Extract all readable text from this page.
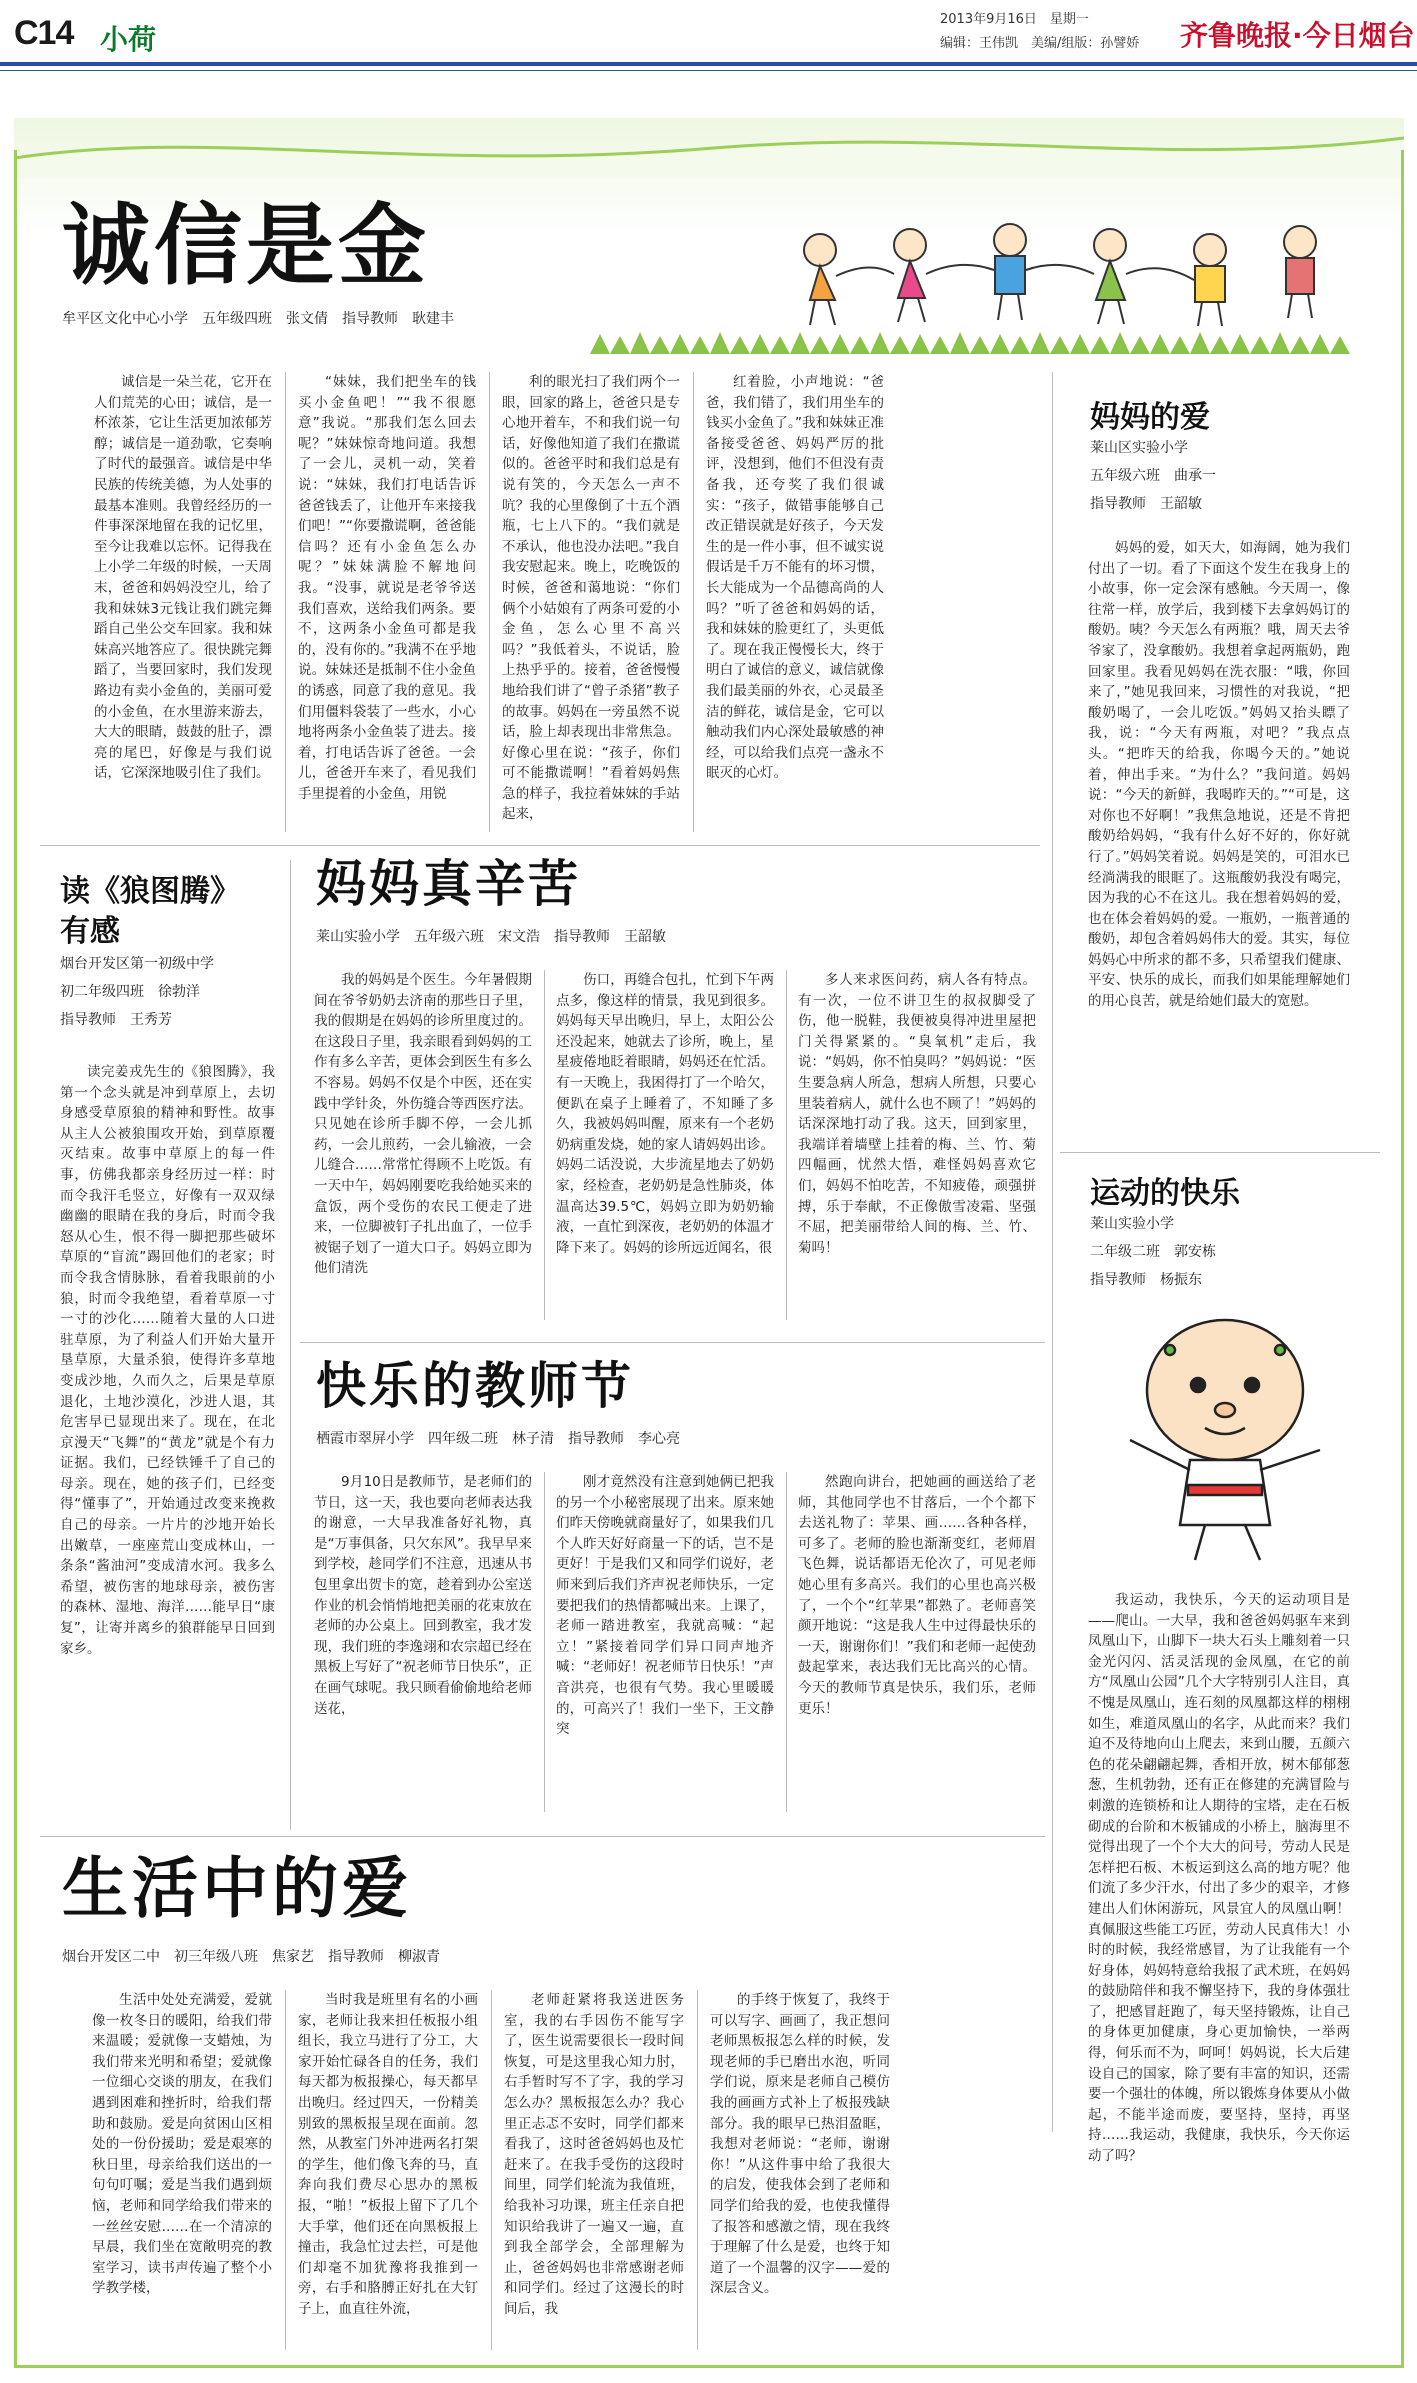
C14 小荷
2013年9月16日　星期一
编辑：王伟凯　美编/组版：孙譬娇 齐鲁晚报·今日烟台
诚信是金
牟平区文化中心小学　五年级四班　张文倩　指导教师　耿建丰

诚信是一朵兰花，它开在人们荒芜的心田；诚信，是一杯浓茶，它让生活更加浓郁芳醇；诚信是一道劲歌，它奏响了时代的最强音。诚信是中华民族的传统美德，为人处事的最基本准则。我曾经经历的一件事深深地留在我的记忆里，至今让我难以忘怀。记得我在上小学二年级的时候，一天周末，爸爸和妈妈没空儿，给了我和妹妹3元钱让我们跳完舞蹈自己坐公交车回家。我和妹妹高兴地答应了。很快跳完舞蹈了，当要回家时，我们发现路边有卖小金鱼的，美丽可爱的小金鱼，在水里游来游去，大大的眼睛，鼓鼓的肚子，漂亮的尾巴，好像是与我们说话，它深深地吸引住了我们。

“妹妹，我们把坐车的钱买小金鱼吧！”“我不很愿意”我说。“那我们怎么回去呢？”妹妹惊奇地问道。我想了一会儿，灵机一动，笑着说：“妹妹，我们打电话告诉爸爸钱丢了，让他开车来接我们吧！”“你要撒谎啊，爸爸能信吗？还有小金鱼怎么办呢？”妹妹满脸不解地问我。“没事，就说是老爷爷送我们喜欢，送给我们两条。要不，这两条小金鱼可都是我的，没有你的。”我满不在乎地说。妹妹还是抵制不住小金鱼的诱惑，同意了我的意见。我们用僵料袋装了一些水，小心地将两条小金鱼装了进去。接着，打电话告诉了爸爸。一会儿，爸爸开车来了，看见我们手里提着的小金鱼，用锐

利的眼光扫了我们两个一眼，回家的路上，爸爸只是专心地开着车，不和我们说一句话，好像他知道了我们在撒谎似的。爸爸平时和我们总是有说有笑的，今天怎么一声不吭？我的心里像倒了十五个酒瓶，七上八下的。“我们就是不承认，他也没办法吧。”我自我安慰起来。晚上，吃晚饭的时候，爸爸和蔼地说：“你们俩个小姑娘有了两条可爱的小金鱼，怎么心里不高兴吗？”我低着头，不说话，脸上热乎乎的。接着，爸爸慢慢地给我们讲了“曾子杀猪”教子的故事。妈妈在一旁虽然不说话，脸上却表现出非常焦急。好像心里在说：“孩子，你们可不能撒谎啊！”看着妈妈焦急的样子，我拉着妹妹的手站起来，

红着脸，小声地说：“爸爸，我们错了，我们用坐车的钱买小金鱼了。”我和妹妹正准备接受爸爸、妈妈严厉的批评，没想到，他们不但没有责备我，还夸奖了我们很诚实：“孩子，做错事能够自己改正错误就是好孩子，今天发生的是一件小事，但不诚实说假话是千万不能有的坏习惯，长大能成为一个品德高尚的人吗？”听了爸爸和妈妈的话，我和妹妹的脸更红了，头更低了。现在我正慢慢长大，终于明白了诚信的意义，诚信就像我们最美丽的外衣，心灵最圣洁的鲜花，诚信是金，它可以触动我们内心深处最敏感的神经，可以给我们点亮一盏永不眠灭的心灯。

妈妈的爱
莱山区实验小学
五年级六班　曲承一
指导教师　王韶敏

妈妈的爱，如天大，如海阔，她为我们付出了一切。看了下面这个发生在我身上的小故事，你一定会深有感触。今天周一，像往常一样，放学后，我到楼下去拿妈妈订的酸奶。咦？今天怎么有两瓶？哦，周天去爷爷家了，没拿酸奶。我想着拿起两瓶奶，跑回家里。我看见妈妈在洗衣服：“哦，你回来了，”她见我回来，习惯性的对我说，“把酸奶喝了，一会儿吃饭。”妈妈又抬头瞟了我，说：“今天有两瓶，对吧？”我点点头。“把昨天的给我，你喝今天的。”她说着，伸出手来。“为什么？”我问道。妈妈说：“今天的新鲜，我喝昨天的。”“可是，这对你也不好啊！”我焦急地说，还是不肯把酸奶给妈妈，“我有什么好不好的，你好就行了。”妈妈笑着说。妈妈是笑的，可泪水已经淌满我的眼眶了。这瓶酸奶我没有喝完，因为我的心不在这儿。我在想着妈妈的爱，也在体会着妈妈的爱。一瓶奶，一瓶普通的酸奶，却包含着妈妈伟大的爱。其实，每位妈妈心中所求的都不多，只希望我们健康、平安、快乐的成长，而我们如果能理解她们的用心良苦，就是给她们最大的宽慰。

读《狼图腾》
有感
烟台开发区第一初级中学
初二年级四班　徐勃洋
指导教师　王秀芳

读完姜戎先生的《狼图腾》，我第一个念头就是冲到草原上，去切身感受草原狼的精神和野性。故事从主人公被狼围攻开始，到草原覆灭结束。故事中草原上的每一件事，仿佛我都亲身经历过一样：时而令我汗毛竖立，好像有一双双绿幽幽的眼睛在我的身后，时而令我怒从心生，恨不得一脚把那些破坏草原的“盲流”踢回他们的老家；时而令我含情脉脉，看着我眼前的小狼，时而令我绝望，看着草原一寸一寸的沙化……随着大量的人口进驻草原，为了利益人们开始大量开垦草原，大量杀狼，使得许多草地变成沙地，久而久之，后果是草原退化，土地沙漠化，沙进人退，其危害早已显现出来了。现在，在北京漫天“飞舞”的“黄龙”就是个有力证据。我们，已经铁锤千了自己的母亲。现在，她的孩子们，已经变得“懂事了”，开始通过改变来挽救自己的母亲。一片片的沙地开始长出嫩草，一座座荒山变成林山，一条条“酱油河”变成清水河。我多么希望，被伤害的地球母亲，被伤害的森林、湿地、海洋……能早日“康复”，让寄并离乡的狼群能早日回到家乡。

妈妈真辛苦
莱山实验小学　五年级六班　宋文浩　指导教师　王韶敏

我的妈妈是个医生。今年暑假期间在爷爷奶奶去济南的那些日子里，我的假期是在妈妈的诊所里度过的。在这段日子里，我亲眼看到妈妈的工作有多么辛苦，更体会到医生有多么不容易。妈妈不仅是个中医，还在实践中学针灸，外伤缝合等西医疗法。只见她在诊所手脚不停，一会儿抓药，一会儿煎药，一会儿输液，一会儿缝合……常常忙得顾不上吃饭。有一天中午，妈妈刚要吃我给她买来的盒饭，两个受伤的农民工便走了进来，一位脚被钉子扎出血了，一位手被锯子划了一道大口子。妈妈立即为他们清洗

伤口，再缝合包扎，忙到下午两点多，像这样的情景，我见到很多。妈妈每天早出晚归，早上，太阳公公还没起来，她就去了诊所，晚上，星星疲倦地眨着眼睛，妈妈还在忙活。有一天晚上，我困得打了一个哈欠，便趴在桌子上睡着了，不知睡了多久，我被妈妈叫醒，原来有一个老奶奶病重发烧，她的家人请妈妈出诊。妈妈二话没说，大步流星地去了奶奶家，经检查，老奶奶是急性肺炎，体温高达39.5℃，妈妈立即为奶奶输液，一直忙到深夜，老奶奶的体温才降下来了。妈妈的诊所远近闻名，很

多人来求医问药，病人各有特点。有一次，一位不讲卫生的叔叔脚受了伤，他一脱鞋，我便被臭得冲进里屋把门关得紧紧的。“臭氧机”走后，我说：“妈妈，你不怕臭吗？”妈妈说：“医生要急病人所急，想病人所想，只要心里装着病人，就什么也不顾了！”妈妈的话深深地打动了我。这天，回到家里，我端详着墙壁上挂着的梅、兰、竹、菊四幅画，忧然大悟，难怪妈妈喜欢它们，妈妈不怕吃苦，不知疲倦，顽强拼搏，乐于奉献，不正像傲雪凌霜、坚强不屈，把美丽带给人间的梅、兰、竹、菊吗！

运动的快乐
莱山实验小学
二年级二班　郭安栋
指导教师　杨振东

我运动，我快乐，今天的运动项目是——爬山。一大早，我和爸爸妈妈驱车来到凤凰山下，山脚下一块大石头上雕刻着一只金光闪闪、活灵活现的金凤凰，在它的前方“凤凰山公园”几个大字特别引人注目，真不愧是凤凰山，连石刻的凤凰都这样的栩栩如生，难道凤凰山的名字，从此而来？我们迫不及待地向山上爬去，来到山腰，五颜六色的花朵翩翩起舞，香相开放，树木郁郁葱葱，生机勃勃，还有正在修建的充满冒险与刺激的连锁桥和让人期待的宝塔，走在石板砌成的台阶和木板铺成的小桥上，脑海里不觉得出现了一个个大大的问号，劳动人民是怎样把石板、木板运到这么高的地方呢？他们流了多少汗水，付出了多少的艰辛，才修建出人们休闲游玩，风景宜人的凤凰山啊！真佩服这些能工巧匠，劳动人民真伟大！小时的时候，我经常感冒，为了让我能有一个好身体，妈妈特意给我报了武术班，在妈妈的鼓励陪伴和我不懈坚持下，我的身体强壮了，把感冒赶跑了，每天坚持锻炼，让自己的身体更加健康，身心更加愉快，一举两得，何乐而不为，呵呵！妈妈说，长大后建设自己的国家，除了要有丰富的知识，还需要一个强壮的体魄，所以锻炼身体要从小做起，不能半途而废，要坚持，坚持，再坚持……我运动，我健康，我快乐，今天你运动了吗？

快乐的教师节
栖霞市翠屏小学　四年级二班　林子清　指导教师　李心亮

9月10日是教师节，是老师们的节日，这一天，我也要向老师表达我的谢意，一大早我准备好礼物，真是“万事俱备，只欠东风”。我早早来到学校，趁同学们不注意，迅速从书包里拿出贺卡的宽，趁着到办公室送作业的机会悄悄地把美丽的花束放在老师的办公桌上。回到教室，我才发现，我们班的李逸翊和农宗超已经在黑板上写好了“祝老师节日快乐”，正在画气球呢。我只顾看偷偷地给老师送花，

刚才竟然没有注意到她俩已把我的另一个小秘密展现了出来。原来她们昨天傍晚就商量好了，如果我们几个人昨天好好商量一下的话，岂不是更好！于是我们又和同学们说好，老师来到后我们齐声祝老师快乐，一定要把我们的热情都喊出来。上课了，老师一踏进教室，我就高喊：“起立！”紧接着同学们异口同声地齐喊：“老师好！祝老师节日快乐！”声音洪亮，也很有气势。我心里暖暖的，可高兴了！我们一坐下，王文静突

然跑向讲台，把她画的画送给了老师，其他同学也不甘落后，一个个都下去送礼物了：苹果、画……各种各样，可多了。老师的脸也渐渐变红，老师眉飞色舞，说话都语无伦次了，可见老师她心里有多高兴。我们的心里也高兴极了，一个个“红苹果”都熟了。老师喜笑颜开地说：“这是我人生中过得最快乐的一天，谢谢你们！”我们和老师一起使劲鼓起掌来，表达我们无比高兴的心情。今天的教师节真是快乐，我们乐，老师更乐！

生活中的爱
烟台开发区二中　初三年级八班　焦家艺　指导教师　柳淑青

生活中处处充满爱，爱就像一枚冬日的暖阳，给我们带来温暖；爱就像一支蜡烛，为我们带来光明和希望；爱就像一位细心交谈的朋友，在我们遇到困难和挫折时，给我们帮助和鼓励。爱是向贫困山区相处的一份份援助；爱是艰寒的秋日里，母亲给我们送出的一句句叮嘱；爱是当我们遇到烦恼，老师和同学给我们带来的一丝丝安慰……在一个清凉的早晨，我们坐在宽敞明亮的教室学习，读书声传遍了整个小学教学楼，

当时我是班里有名的小画家，老师让我来担任板报小组组长，我立马进行了分工，大家开始忙碌各自的任务，我们每天都为板报操心，每天都早出晚归。经过四天，一份精美别致的黑板报呈现在面前。忽然，从教室门外冲进两名打架的学生，他们像飞奔的马，直奔向我们费尽心思办的黑板报，“啪！”板报上留下了几个大手掌，他们还在向黑板报上撞击，我急忙过去拦，可是他们却毫不加犹豫将我推到一旁，右手和胳膊正好扎在大钉子上，血直往外流，

老师赶紧将我送进医务室，我的右手因伤不能写字了，医生说需要很长一段时间恢复，可是这里我心知力肘，右手暂时写不了字，我的学习怎么办？黑板报怎么办？我心里正忐忑不安时，同学们都来看我了，这时爸爸妈妈也及忙赶来了。在我手受伤的这段时间里，同学们轮流为我值班，给我补习功课，班主任亲自把知识给我讲了一遍又一遍，直到我全部学会，全部理解为止，爸爸妈妈也非常感谢老师和同学们。经过了这漫长的时间后，我

的手终于恢复了，我终于可以写字、画画了，我正想问老师黑板报怎么样的时候，发现老师的手已磨出水泡，听同学们说，原来是老师自己模仿我的画画方式补上了板报残缺部分。我的眼早已热泪盈眶，我想对老师说：“老师，谢谢你！”从这件事中给了我很大的启发，使我体会到了老师和同学们给我的爱，也使我懂得了报答和感激之情，现在我终于理解了什么是爱，也终于知道了一个温馨的汉字——爱的深层含义。
